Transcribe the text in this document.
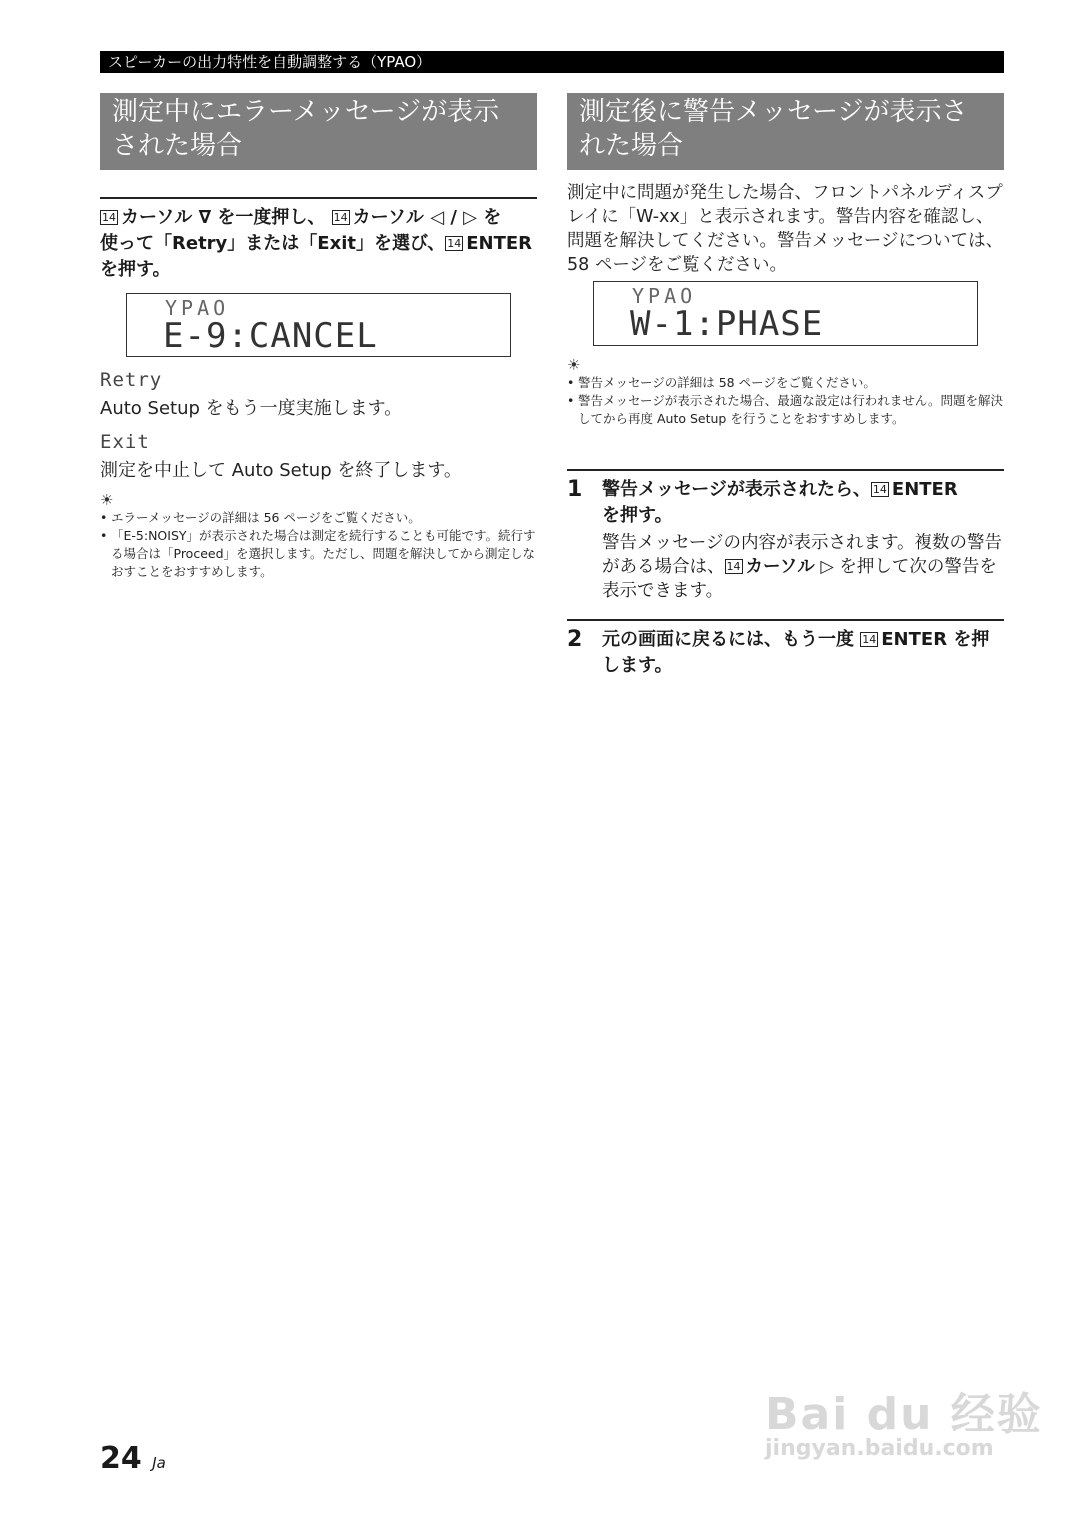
スピーカーの出力特性を自動調整する（YPAO）
測定中にエラーメッセージが表示
された場合
14 カーソル ∇ を一度押し、 14 カーソル ◁ / ▷ を
使って「Retry」または「Exit」を選び、 14 ENTER
を押す。
YPAO
E-9:CANCEL
Retry
Auto Setup をもう一度実施します。
Exit
測定を中止して Auto Setup を終了します。
☀
• エラーメッセージの詳細は 56 ページをご覧ください。
• 「E-5:NOISY」が表示された場合は測定を続行することも可能です。続行する場合は「Proceed」を選択します。ただし、問題を解決してから測定しなおすことをおすすめします。
測定後に警告メッセージが表示さ
れた場合
測定中に問題が発生した場合、フロントパネルディスプレイに「W-xx」と表示されます。警告内容を確認し、問題を解決してください。警告メッセージについては、58 ページをご覧ください。
YPAO
W-1:PHASE
☀
• 警告メッセージの詳細は 58 ページをご覧ください。
• 警告メッセージが表示された場合、最適な設定は行われません。問題を解決してから再度 Auto Setup を行うことをおすすめします。
1 警告メッセージが表示されたら、 14 ENTER
を押す。
警告メッセージの内容が表示されます。複数の警告がある場合は、 14 カーソル ▷ を押して次の警告を表示できます。
2 元の画面に戻るには、もう一度 14 ENTER を押します。
Bai du 经验
jingyan.baidu.com
24 Ja
